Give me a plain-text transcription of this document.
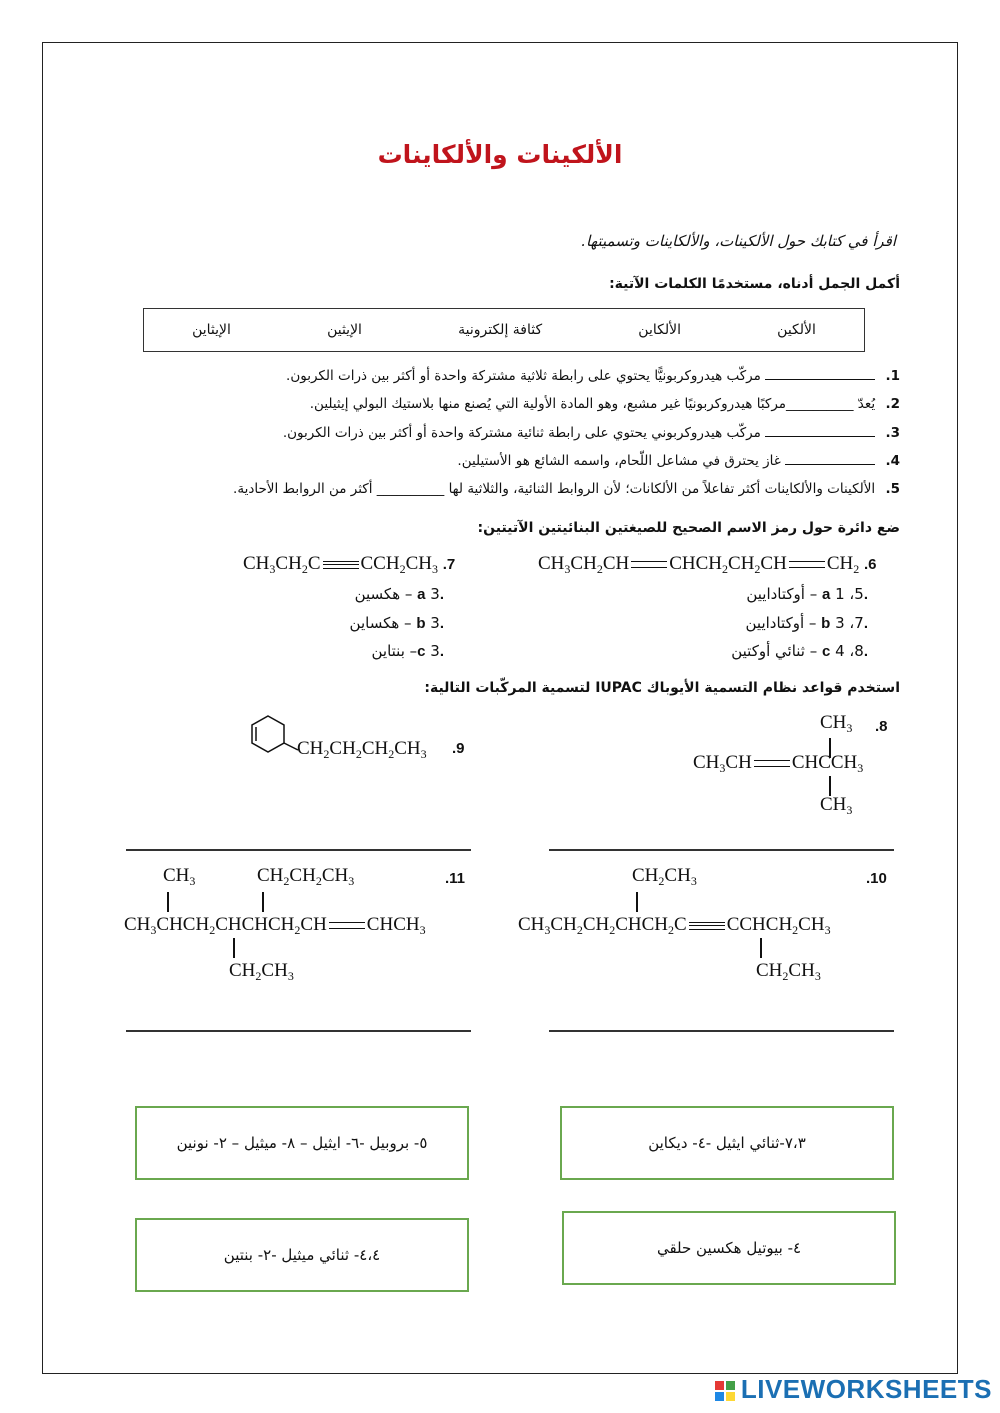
الألكينات والألكاينات
اقرأ في كتابك حول الألكينات، والألكاينات وتسميتها.
أكمل الجمل أدناه، مستخدمًا الكلمات الآتية:
الألكين
الألكاين
كثافة إلكترونية
الإيثين
الإيثاين
1.  مركّب هيدروكربونيًّا يحتوي على رابطة ثلاثية مشتركة واحدة أو أكثر بين ذرات الكربون.
2. يُعدّ __________مركبًا هيدروكربونيًا غير مشبع، وهو المادة الأولية التي يُصنع منها بلاستيك البولي إيثيلين.
3.  مركّب هيدروكربوني يحتوي على رابطة ثنائية مشتركة واحدة أو أكثر بين ذرات الكربون.
4.  غاز يحترق في مشاعل اللّحام، واسمه الشائع هو الأستيلين.
5. الألكينات والألكاينات أكثر تفاعلاً من الألكانات؛ لأن الروابط الثنائية، والثلاثية لها __________ أكثر من الروابط الأحادية.
ضع دائرة حول رمز الاسم الصحيح للصيغتين البنائيتين الآتيتين:
$CH_3CH_2CH$ $CHCH_2CH_2CH$ $CH_2$ .6
.a 1 ،5 – أوكتادايين
.b 3 ،7 – أوكتادايين
.c 4 ،8 – ثنائي أوكتين
$CH_3CH_2C$ $CCH_2CH_3$ .7
.a 3 – هكسين
.b 3 – هكساين
.c 3– بنتاين
استخدم قواعد نظام التسمية الأيوباك IUPAC لتسمية المركّبات التالية:
.8
$CH_3$
$CH_3CH$ $CHCCH_3$
$CH_3$
.9
$CH_2CH_2CH_2CH_3$
.11
$CH_3$	$CH_2CH_2CH_3$
$CH_3CHCH_2CHCHCH_2CH$ $CHCH_3$
$CH_2CH_3$
.10
$CH_2CH_3$
$CH_3CH_2CH_2CHCH_2C$ $CCHCH_2CH_3$
$CH_2CH_3$
٥- بروبيل -٦- ايثيل – ٨- ميثيل – ٢- نونين	٧،٣-ثنائي ايثيل -٤- ديكاين
٤،٤- ثنائي ميثيل -٢- بنتين	٤- بيوتيل هكسين حلقي
LIVEWORKSHEETS
